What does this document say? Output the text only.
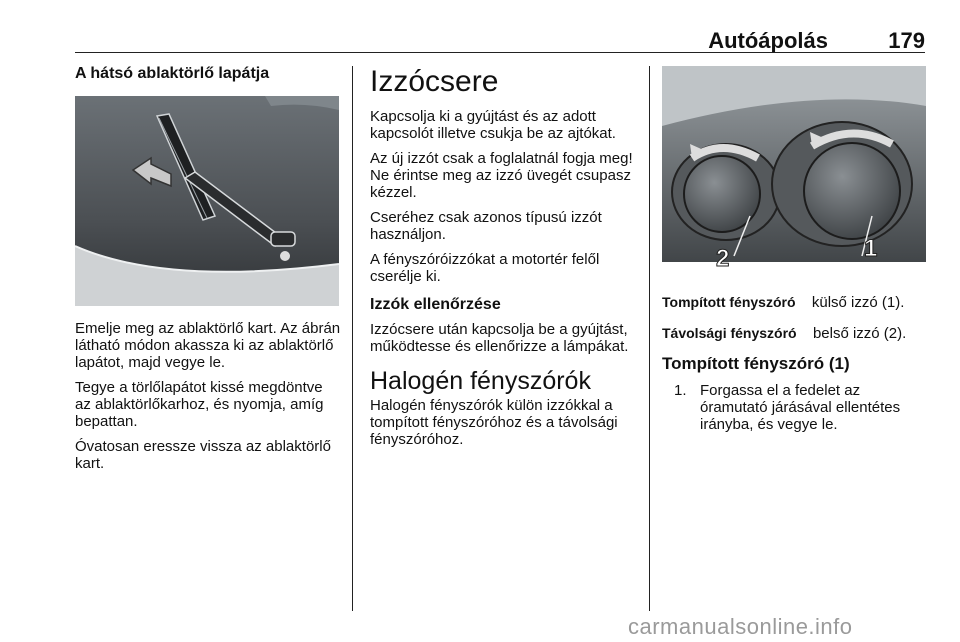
Autóápolás	179
A hátsó ablaktörlő lapátja

Emelje meg az ablaktörlő kart. Az ábrán látható módon akassza ki az ablaktörlő lapátot, majd vegye le.

Tegye a törlőlapátot kissé megdöntve az ablaktörlőkarhoz, és nyomja, amíg bepattan.

Óvatosan eressze vissza az ablaktörlő kart.

Izzócsere

Kapcsolja ki a gyújtást és az adott kapcsolót illetve csukja be az ajtókat.

Az új izzót csak a foglalatnál fogja meg! Ne érintse meg az izzó üvegét csupasz kézzel.

Cseréhez csak azonos típusú izzót használjon.

A fényszóróizzókat a motortér felől cserélje ki.

Izzók ellenőrzése

Izzócsere után kapcsolja be a gyújtást, működtesse és ellenőrizze a lámpákat.

Halogén fényszórók

Halogén fényszórók külön izzókkal a tompított fényszóróhoz és a távolsági fényszóróhoz.

2	1
Tompított fényszóró külső izzó (1).
Távolsági fényszóró belső izzó (2).
Tompított fényszóró (1)
1. Forgassa el a fedelet az óramutató járásával ellentétes irányba, és vegye le.
carmanualsonline.info
